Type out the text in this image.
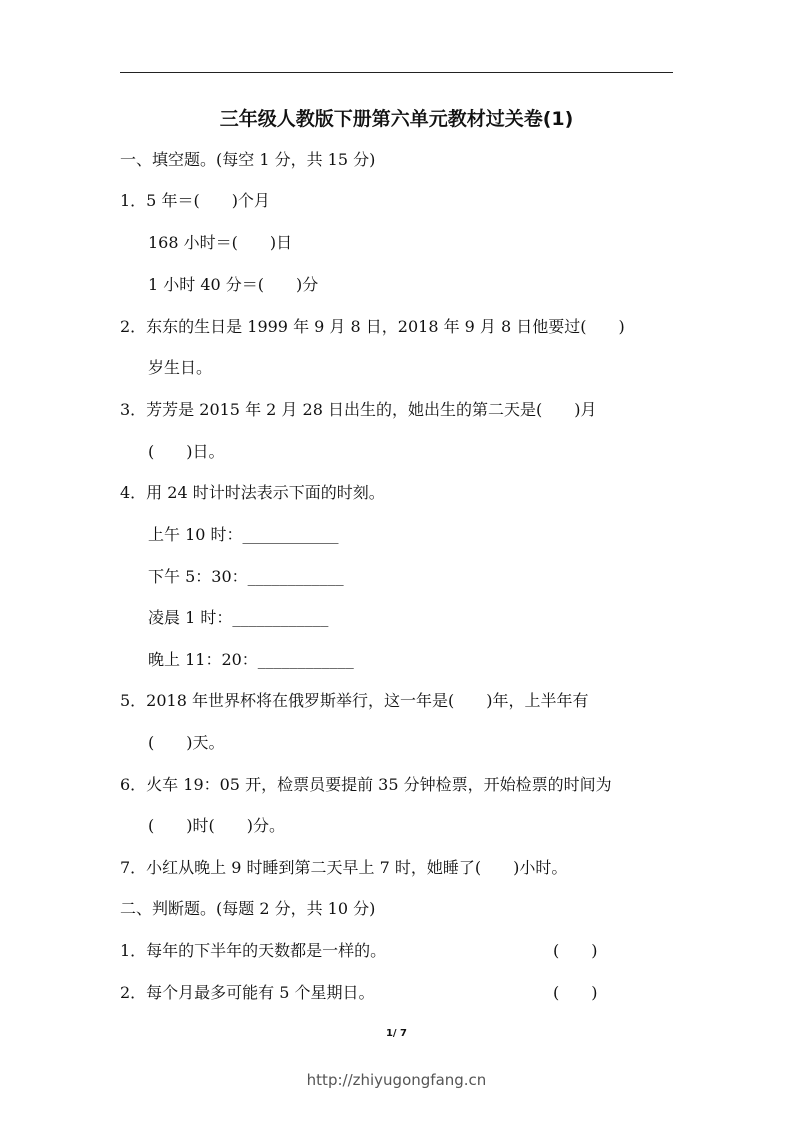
三年级人教版下册第六单元教材过关卷(1)
一、填空题。(每空 1 分，共 15 分)
1．5 年＝(　　)个月
168 小时＝(　　)日
1 小时 40 分＝(　　)分
2．东东的生日是 1999 年 9 月 8 日，2018 年 9 月 8 日他要过(　　)
岁生日。
3．芳芳是 2015 年 2 月 28 日出生的，她出生的第二天是(　　)月
(　　)日。
4．用 24 时计时法表示下面的时刻。
上午 10 时：____________
下午 5：30：____________
凌晨 1 时：____________
晚上 11：20：____________
5．2018 年世界杯将在俄罗斯举行，这一年是(　　)年，上半年有
(　　)天。
6．火车 19：05 开，检票员要提前 35 分钟检票，开始检票的时间为
(　　)时(　　)分。
7．小红从晚上 9 时睡到第二天早上 7 时，她睡了(　　)小时。
二、判断题。(每题 2 分，共 10 分)
1．每年的下半年的天数都是一样的。	(　　)
2．每个月最多可能有 5 个星期日。	(　　)
1/ 7
http://zhiyugongfang.cn
